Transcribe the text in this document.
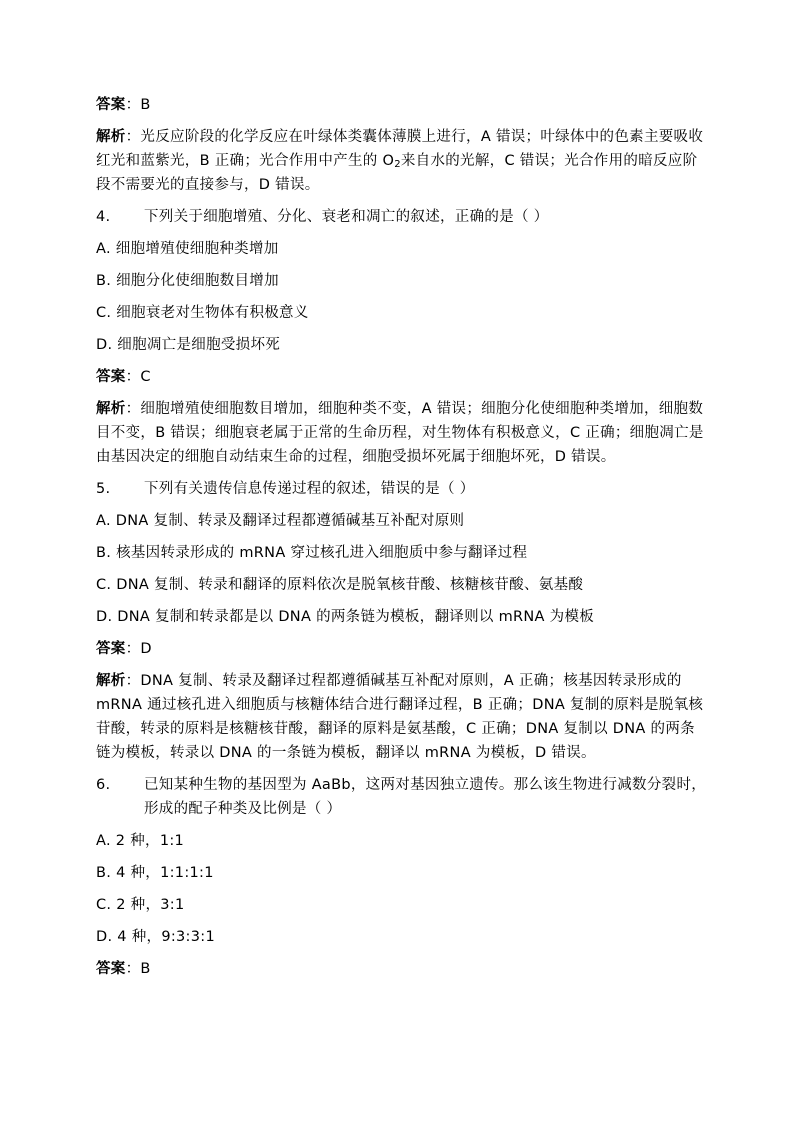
答案：B
解析：光反应阶段的化学反应在叶绿体类囊体薄膜上进行，A 错误；叶绿体中的色素主要吸收
红光和蓝紫光，B 正确；光合作用中产生的 $O_2$来自水的光解，C 错误；光合作用的暗反应阶
段不需要光的直接参与，D 错误。
4. 下列关于细胞增殖、分化、衰老和凋亡的叙述，正确的是（ ）
A. 细胞增殖使细胞种类增加
B. 细胞分化使细胞数目增加
C. 细胞衰老对生物体有积极意义
D. 细胞凋亡是细胞受损坏死
答案：C
解析：细胞增殖使细胞数目增加，细胞种类不变，A 错误；细胞分化使细胞种类增加，细胞数
目不变，B 错误；细胞衰老属于正常的生命历程，对生物体有积极意义，C 正确；细胞凋亡是
由基因决定的细胞自动结束生命的过程，细胞受损坏死属于细胞坏死，D 错误。
5. 下列有关遗传信息传递过程的叙述，错误的是（ ）
A. DNA 复制、转录及翻译过程都遵循碱基互补配对原则
B. 核基因转录形成的 mRNA 穿过核孔进入细胞质中参与翻译过程
C. DNA 复制、转录和翻译的原料依次是脱氧核苷酸、核糖核苷酸、氨基酸
D. DNA 复制和转录都是以 DNA 的两条链为模板，翻译则以 mRNA 为模板
答案：D
解析：DNA 复制、转录及翻译过程都遵循碱基互补配对原则，A 正确；核基因转录形成的
mRNA 通过核孔进入细胞质与核糖体结合进行翻译过程，B 正确；DNA 复制的原料是脱氧核
苷酸，转录的原料是核糖核苷酸，翻译的原料是氨基酸，C 正确；DNA 复制以 DNA 的两条
链为模板，转录以 DNA 的一条链为模板，翻译以 mRNA 为模板，D 错误。
6. 已知某种生物的基因型为 AaBb，这两对基因独立遗传。那么该生物进行减数分裂时，
形成的配子种类及比例是（ ）
A. 2 种，1:1
B. 4 种，1:1:1:1
C. 2 种，3:1
D. 4 种，9:3:3:1
答案：B
